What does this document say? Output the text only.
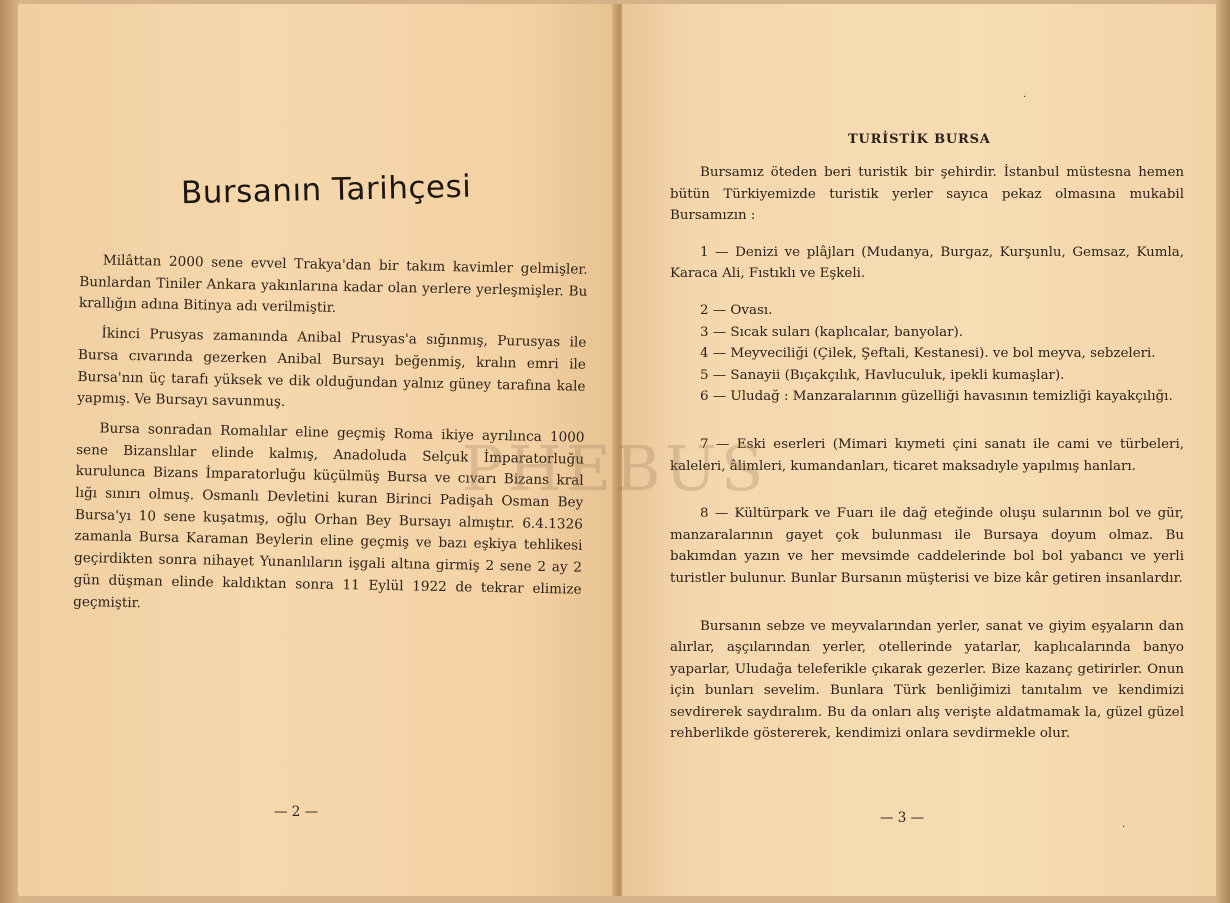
Bursanın Tarihçesi

Milâttan 2000 sene evvel Trakya'dan bir takım kavimler gelmişler. Bunlardan Tiniler Ankara yakınlarına kadar olan yerlere yerleşmişler. Bu krallığın adına Bitinya adı verilmiştir.

İkinci Prusyas zamanında Anibal Prusyas'a sığınmış, Purusyas ile Bursa cıvarında gezerken Anibal Bursayı beğenmiş, kralın emri ile Bursa'nın üç tarafı yüksek ve dik olduğundan yalnız güney tarafına kale yapmış. Ve Bursayı savunmuş.

Bursa sonradan Romalılar eline geçmiş Roma ikiye ayrılınca 1000 sene Bizanslılar elinde kalmış, Anadoluda Selçuk İmparatorluğu kurulunca Bizans İmparatorluğu küçülmüş Bursa ve cıvarı Bizans kral lığı sınırı olmuş. Osmanlı Devletini kuran Birinci Padişah Osman Bey Bursa'yı 10 sene kuşatmış, oğlu Orhan Bey Bursayı almıştır. 6.4.1326 zamanla Bursa Karaman Beylerin eline geçmiş ve bazı eşkiya tehlikesi geçirdikten sonra nihayet Yunanlıların işgali altına girmiş 2 sene 2 ay 2 gün düşman elinde kaldıktan sonra 11 Eylül 1922 de tekrar elimize geçmiştir.

— 2 —
·
TURİSTİK BURSA

Bursamız öteden beri turistik bir şehirdir. İstanbul müstesna hemen bütün Türkiyemizde turistik yerler sayıca pekaz olmasına mukabil Bursamızın :

1 — Denizi ve plâjları (Mudanya, Burgaz, Kurşunlu, Gemsaz, Kumla, Karaca Ali, Fıstıklı ve Eşkeli.

2 — Ovası.

3 — Sıcak suları (kaplıcalar, banyolar).

4 — Meyveciliği (Çilek, Şeftali, Kestanesi). ve bol meyva, sebzeleri.

5 — Sanayii (Bıçakçılık, Havluculuk, ipekli kumaşlar).

6 — Uludağ : Manzaralarının güzelliği havasının temizliği kayakçılığı.

7 — Eski eserleri (Mimari kıymeti çini sanatı ile cami ve türbeleri, kaleleri, âlimleri, kumandanları, ticaret maksadıyle yapılmış hanları.

8 — Kültürpark ve Fuarı ile dağ eteğinde oluşu sularının bol ve gür, manzaralarının gayet çok bulunması ile Bursaya doyum olmaz. Bu bakımdan yazın ve her mevsimde caddelerinde bol bol yabancı ve yerli turistler bulunur. Bunlar Bursanın müşterisi ve bize kâr getiren insanlardır.

Bursanın sebze ve meyvalarından yerler, sanat ve giyim eşyaların dan alırlar, aşçılarından yerler, otellerinde yatarlar, kaplıcalarında banyo yaparlar, Uludağa teleferikle çıkarak gezerler. Bize kazanç getirirler. Onun için bunları sevelim. Bunlara Türk benliğimizi tanıtalım ve kendimizi sevdirerek saydıralım. Bu da onları alış verişte aldatmamak la, güzel güzel rehberlikde göstererek, kendimizi onlara sevdirmekle olur.

— 3 —
·
PHEBUS
